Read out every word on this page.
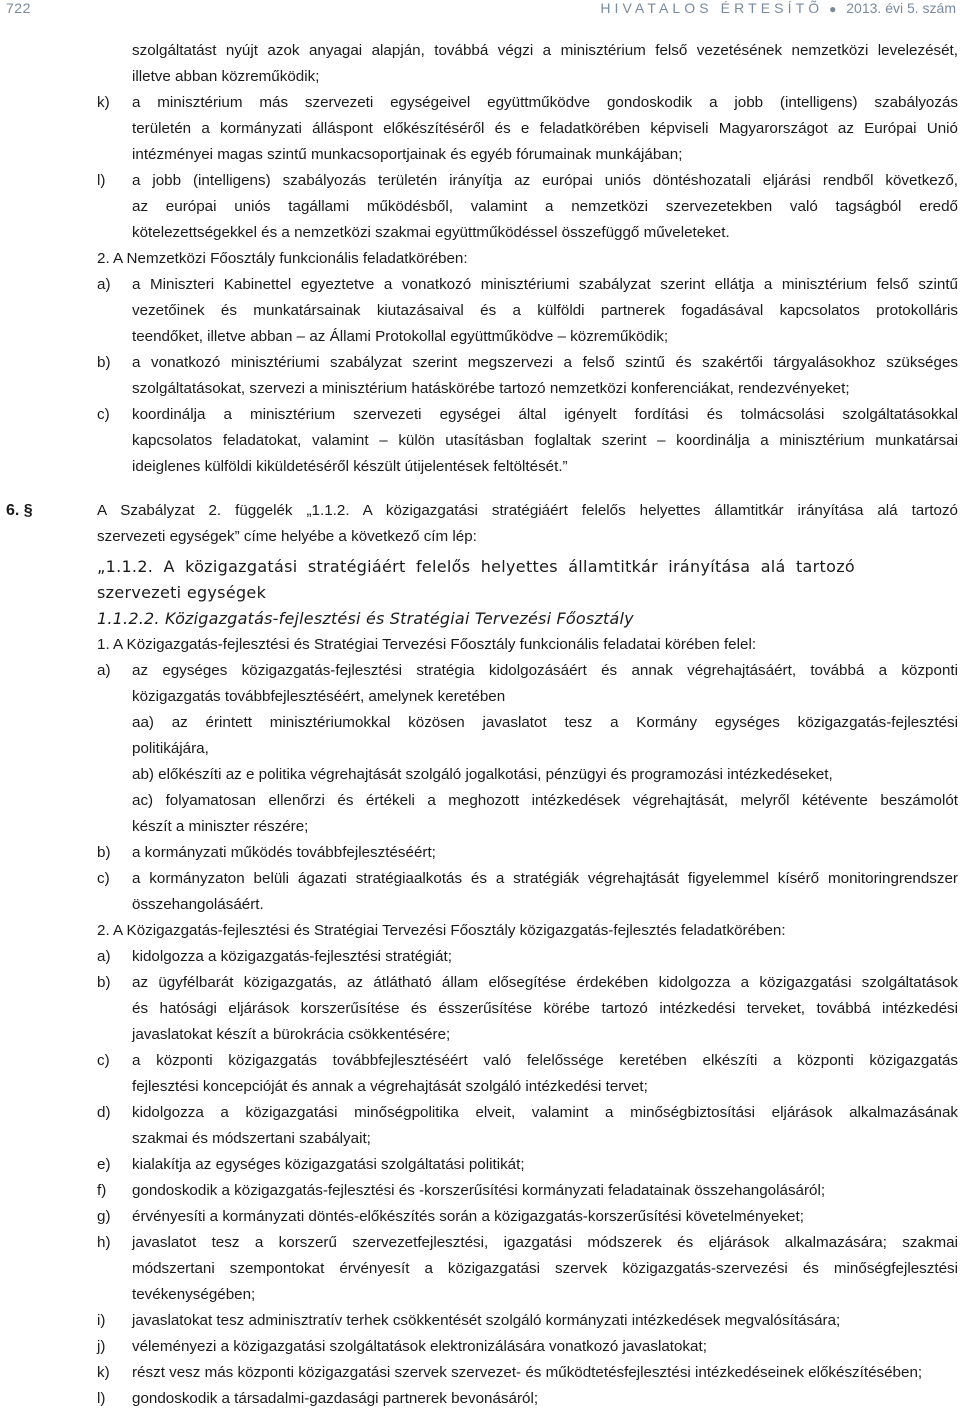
722	HIVATALOS ÉRTESÍTÕ ● 2013. évi 5. szám

szolgáltatást nyújt azok anyagai alapján, továbbá végzi a minisztérium felső vezetésének nemzetközi levelezését,

illetve abban közreműködik;

k) a minisztérium más szervezeti egységeivel együttműködve gondoskodik a jobb (intelligens) szabályozás

területén a kormányzati álláspont előkészítéséről és e feladatkörében képviseli Magyarországot az Európai Unió

intézményei magas szintű munkacsoportjainak és egyéb fórumainak munkájában;

l) a jobb (intelligens) szabályozás területén irányítja az európai uniós döntéshozatali eljárási rendből következő,

az európai uniós tagállami működésből, valamint a nemzetközi szervezetekben való tagságból eredő

kötelezettségekkel és a nemzetközi szakmai együttműködéssel összefüggő műveleteket.

2. A Nemzetközi Főosztály funkcionális feladatkörében:

a) a Miniszteri Kabinettel egyeztetve a vonatkozó minisztériumi szabályzat szerint ellátja a minisztérium felső szintű

vezetőinek és munkatársainak kiutazásaival és a külföldi partnerek fogadásával kapcsolatos protokolláris

teendőket, illetve abban – az Állami Protokollal együttműködve – közreműködik;

b) a vonatkozó minisztériumi szabályzat szerint megszervezi a felső szintű és szakértői tárgyalásokhoz szükséges

szolgáltatásokat, szervezi a minisztérium hatáskörébe tartozó nemzetközi konferenciákat, rendezvényeket;

c) koordinálja a minisztérium szervezeti egységei által igényelt fordítási és tolmácsolási szolgáltatásokkal

kapcsolatos feladatokat, valamint – külön utasításban foglaltak szerint – koordinálja a minisztérium munkatársai

ideiglenes külföldi kiküldetéséről készült útijelentések feltöltését.”

6. §	A Szabályzat 2. függelék „1.1.2. A közigazgatási stratégiáért felelős helyettes államtitkár irányítása alá tartozó

szervezeti egységek” címe helyébe a következő cím lép:

„1.1.2. A közigazgatási stratégiáért felelős helyettes államtitkár irányítása alá tartozó

szervezeti egységek

1.1.2.2. Közigazgatás-fejlesztési és Stratégiai Tervezési Főosztály

1. A Közigazgatás-fejlesztési és Stratégiai Tervezési Főosztály funkcionális feladatai körében felel:

a) az egységes közigazgatás-fejlesztési stratégia kidolgozásáért és annak végrehajtásáért, továbbá a központi

közigazgatás továbbfejlesztéséért, amelynek keretében

aa) az érintett minisztériumokkal közösen javaslatot tesz a Kormány egységes közigazgatás-fejlesztési

politikájára,

ab) előkészíti az e politika végrehajtását szolgáló jogalkotási, pénzügyi és programozási intézkedéseket,

ac) folyamatosan ellenőrzi és értékeli a meghozott intézkedések végrehajtását, melyről kétévente beszámolót

készít a miniszter részére;

b) a kormányzati működés továbbfejlesztéséért;

c) a kormányzaton belüli ágazati stratégiaalkotás és a stratégiák végrehajtását figyelemmel kísérő monitoringrendszer

összehangolásáért.

2. A Közigazgatás-fejlesztési és Stratégiai Tervezési Főosztály közigazgatás-fejlesztés feladatkörében:

a) kidolgozza a közigazgatás-fejlesztési stratégiát;

b) az ügyfélbarát közigazgatás, az átlátható állam elősegítése érdekében kidolgozza a közigazgatási szolgáltatások

és hatósági eljárások korszerűsítése és ésszerűsítése körébe tartozó intézkedési terveket, továbbá intézkedési

javaslatokat készít a bürokrácia csökkentésére;

c) a központi közigazgatás továbbfejlesztéséért való felelőssége keretében elkészíti a központi közigazgatás

fejlesztési koncepcióját és annak a végrehajtását szolgáló intézkedési tervet;

d) kidolgozza a közigazgatási minőségpolitika elveit, valamint a minőségbiztosítási eljárások alkalmazásának

szakmai és módszertani szabályait;

e) kialakítja az egységes közigazgatási szolgáltatási politikát;

f) gondoskodik a közigazgatás-fejlesztési és -korszerűsítési kormányzati feladatainak összehangolásáról;

g) érvényesíti a kormányzati döntés-előkészítés során a közigazgatás-korszerűsítési követelményeket;

h) javaslatot tesz a korszerű szervezetfejlesztési, igazgatási módszerek és eljárások alkalmazására; szakmai

módszertani szempontokat érvényesít a közigazgatási szervek közigazgatás-szervezési és minőségfejlesztési

tevékenységében;

i) javaslatokat tesz adminisztratív terhek csökkentését szolgáló kormányzati intézkedések megvalósítására;

j) véleményezi a közigazgatási szolgáltatások elektronizálására vonatkozó javaslatokat;

k) részt vesz más központi közigazgatási szervek szervezet- és működtetésfejlesztési intézkedéseinek előkészítésében;

l) gondoskodik a társadalmi-gazdasági partnerek bevonásáról;
